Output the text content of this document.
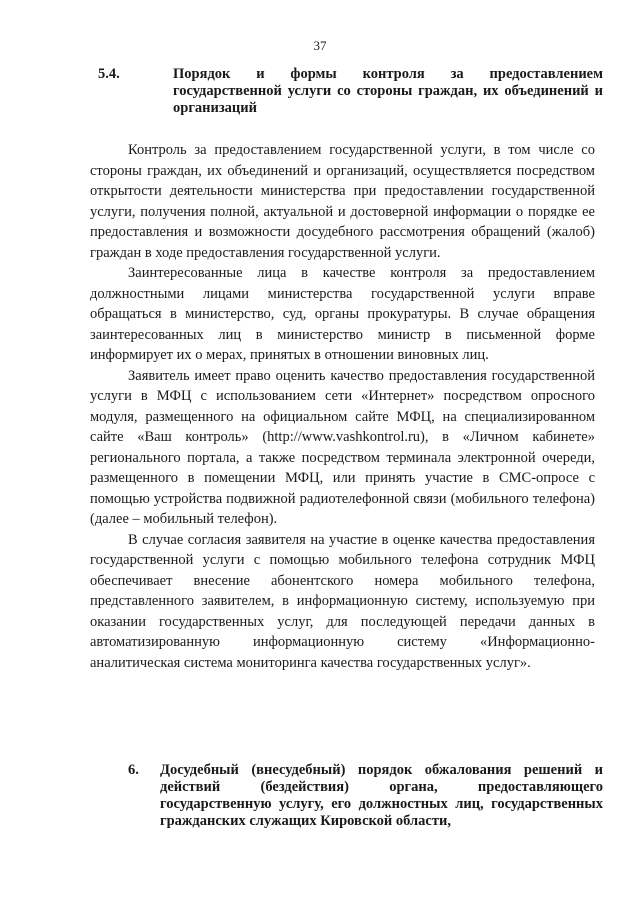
37
5.4.	Порядок и формы контроля за предоставлением государственной услуги со стороны граждан, их объединений и организаций

Контроль за предоставлением государственной услуги, в том числе со стороны граждан, их объединений и организаций, осуществляется посредством открытости деятельности министерства при предоставлении государственной услуги, получения полной, актуальной и достоверной информации о порядке ее предоставления и возможности досудебного рассмотрения обращений (жалоб) граждан в ходе предоставления государственной услуги.

Заинтересованные лица в качестве контроля за предоставлением должностными лицами министерства государственной услуги вправе обращаться в министерство, суд, органы прокуратуры. В случае обращения заинтересованных лиц в министерство министр в письменной форме информирует их о мерах, принятых в отношении виновных лиц.

Заявитель имеет право оценить качество предоставления государственной услуги в МФЦ с использованием сети «Интернет» посредством опросного модуля, размещенного на официальном сайте МФЦ, на специализированном сайте «Ваш контроль» (http://www.vashkontrol.ru), в «Личном кабинете» регионального портала, а также посредством терминала электронной очереди, размещенного в помещении МФЦ, или принять участие в СМС-опросе с помощью устройства подвижной радиотелефонной связи (мобильного телефона) (далее – мобильный телефон).

В случае согласия заявителя на участие в оценке качества предоставления государственной услуги с помощью мобильного телефона сотрудник МФЦ обеспечивает внесение абонентского номера мобильного телефона, представленного заявителем, в информационную систему, используемую при оказании государственных услуг, для последующей передачи данных в автоматизированную информационную систему «Информационно-аналитическая система мониторинга качества государственных услуг».

6. Досудебный (внесудебный) порядок обжалования решений и действий (бездействия) органа, предоставляющего государственную услугу, его должностных лиц, государственных гражданских служащих Кировской области,
